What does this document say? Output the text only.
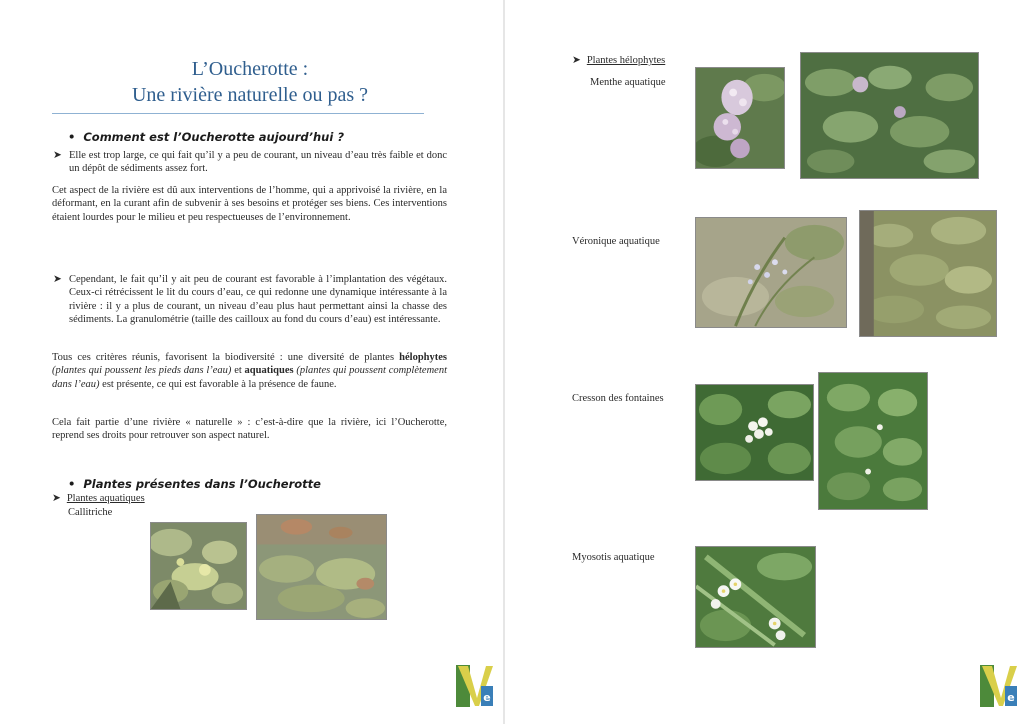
L’Oucherotte :
Une rivière naturelle ou pas ?
• Comment est l’Oucherotte aujourd’hui ?
➤ Elle est trop large, ce qui fait qu’il y a peu de courant, un niveau d’eau très faible et donc un dépôt de sédiments assez fort.
Cet aspect de la rivière est dû aux interventions de l’homme, qui a apprivoisé la rivière, en la déformant, en la curant afin de subvenir à ses besoins et protéger ses biens. Ces interventions étaient lourdes pour le milieu et peu respectueuses de l’environnement.
➤ Cependant, le fait qu’il y ait peu de courant est favorable à l’implantation des végétaux. Ceux-ci rétrécissent le lit du cours d’eau, ce qui redonne une dynamique intéressante à la rivière : il y a plus de courant, un niveau d’eau plus haut permettant ainsi la chasse des sédiments. La granulométrie (taille des cailloux au fond du cours d’eau) est intéressante.
Tous ces critères réunis, favorisent la biodiversité : une diversité de plantes hélophytes (plantes qui poussent les pieds dans l’eau) et aquatiques (plantes qui poussent complètement dans l’eau) est présente, ce qui est favorable à la présence de faune.
Cela fait partie d’une rivière « naturelle » : c’est-à-dire que la rivière, ici l’Oucherotte, reprend ses droits pour retrouver son aspect naturel.
• Plantes présentes dans l’Oucherotte
➤ Plantes aquatiques
Callitriche
e
➤ Plantes hélophytes
Menthe aquatique
Véronique aquatique
Cresson des fontaines
Myosotis aquatique
e
